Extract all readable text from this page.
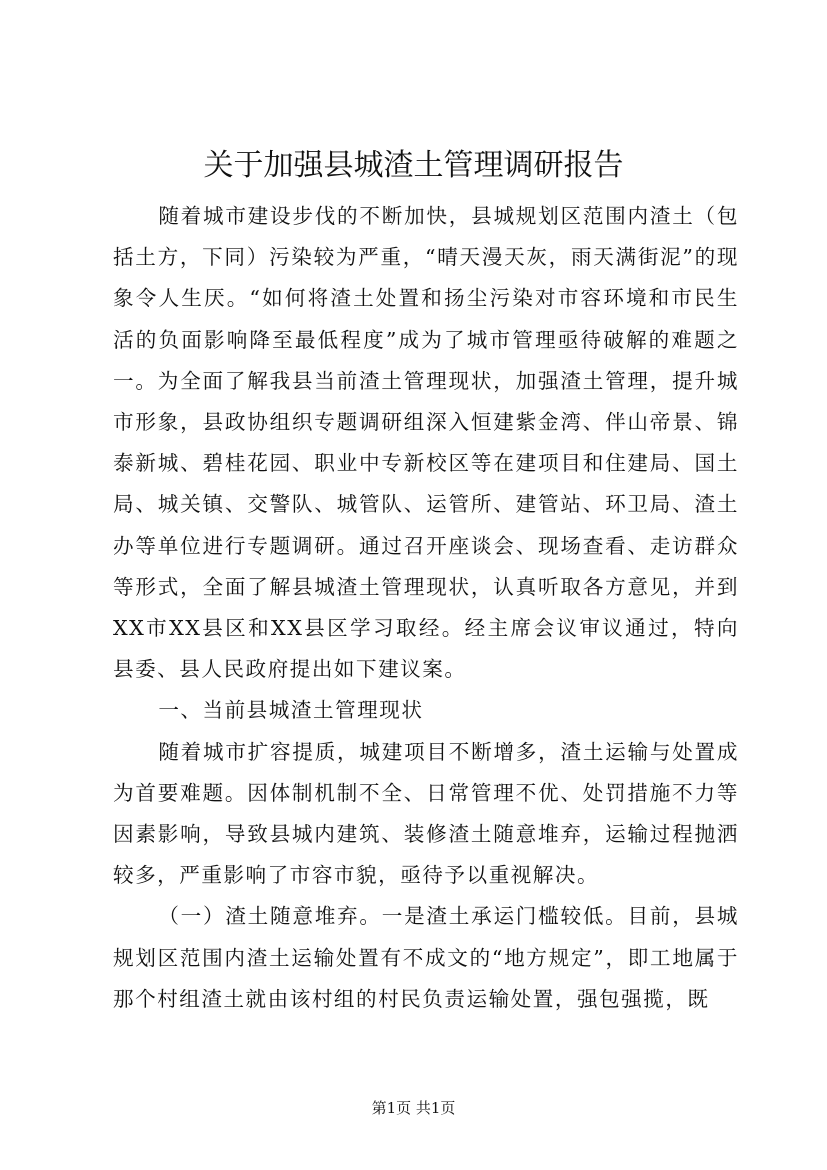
关于加强县城渣土管理调研报告

随着城市建设步伐的不断加快，县城规划区范围内渣土（包括土方，下同）污染较为严重，“晴天漫天灰，雨天满街泥”的现象令人生厌。“如何将渣土处置和扬尘污染对市容环境和市民生活的负面影响降至最低程度”成为了城市管理亟待破解的难题之一。为全面了解我县当前渣土管理现状，加强渣土管理，提升城市形象，县政协组织专题调研组深入恒建紫金湾、伴山帝景、锦泰新城、碧桂花园、职业中专新校区等在建项目和住建局、国土局、城关镇、交警队、城管队、运管所、建管站、环卫局、渣土办等单位进行专题调研。通过召开座谈会、现场查看、走访群众等形式，全面了解县城渣土管理现状，认真听取各方意见，并到XX市XX县区和XX县区学习取经。经主席会议审议通过，特向县委、县人民政府提出如下建议案。

一、当前县城渣土管理现状

随着城市扩容提质，城建项目不断增多，渣土运输与处置成为首要难题。因体制机制不全、日常管理不优、处罚措施不力等因素影响，导致县城内建筑、装修渣土随意堆弃，运输过程抛洒较多，严重影响了市容市貌，亟待予以重视解决。

（一）渣土随意堆弃。一是渣土承运门槛较低。目前，县城规划区范围内渣土运输处置有不成文的“地方规定”，即工地属于那个村组渣土就由该村组的村民负责运输处置，强包强揽，既

第1页 共1页
